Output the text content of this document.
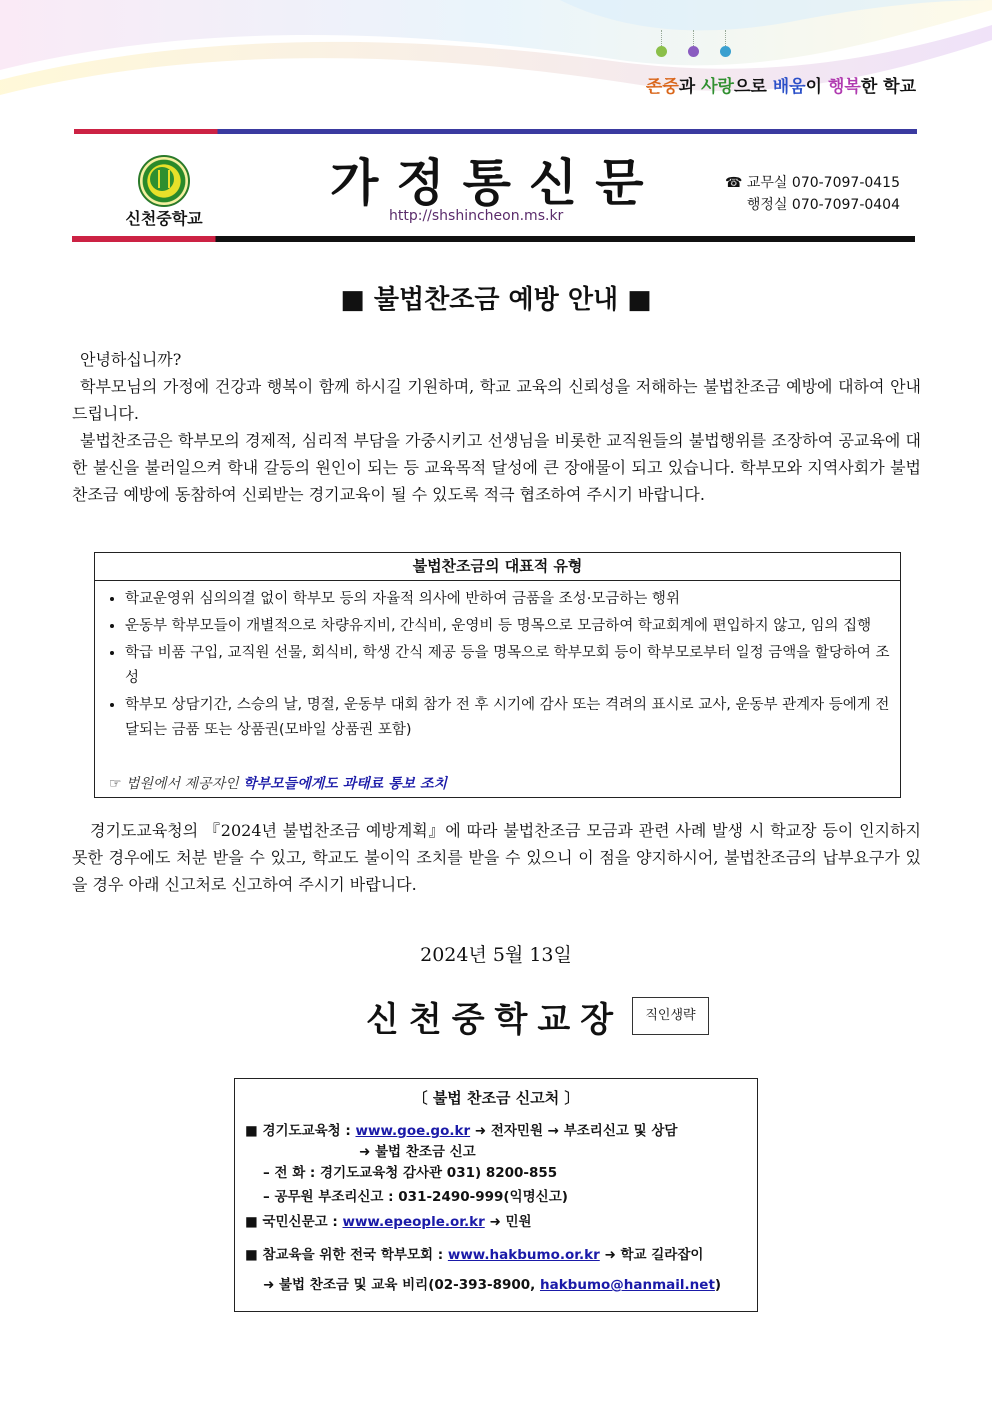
존중과 사랑으로 배움이 행복한 학교
신천중학교
가정통신문
http://shshincheon.ms.kr
☎ 교무실 070-7097-0415
행정실 070-7097-0404
■ 불법찬조금 예방 안내 ■

안녕하십니까?

학부모님의 가정에 건강과 행복이 함께 하시길 기원하며, 학교 교육의 신뢰성을 저해하는 불법찬조금 예방에 대하여 안내드립니다.

불법찬조금은 학부모의 경제적, 심리적 부담을 가중시키고 선생님을 비롯한 교직원들의 불법행위를 조장하여 공교육에 대한 불신을 불러일으켜 학내 갈등의 원인이 되는 등 교육목적 달성에 큰 장애물이 되고 있습니다. 학부모와 지역사회가 불법찬조금 예방에 동참하여 신뢰받는 경기교육이 될 수 있도록 적극 협조하여 주시기 바랍니다.

불법찬조금의 대표적 유형
• 학교운영위 심의의결 없이 학부모 등의 자율적 의사에 반하여 금품을 조성·모금하는 행위
• 운동부 학부모들이 개별적으로 차량유지비, 간식비, 운영비 등 명목으로 모금하여 학교회계에 편입하지 않고, 임의 집행
• 학급 비품 구입, 교직원 선물, 회식비, 학생 간식 제공 등을 명목으로 학부모회 등이 학부모로부터 일정 금액을 할당하여 조성
• 학부모 상담기간, 스승의 날, 명절, 운동부 대회 참가 전 후 시기에 감사 또는 격려의 표시로 교사, 운동부 관계자 등에게 전달되는 금품 또는 상품권(모바일 상품권 포함)
☞ 법원에서 제공자인 학부모들에게도 과태료 통보 조치

경기도교육청의 『2024년 불법찬조금 예방계획』에 따라 불법찬조금 모금과 관련 사례 발생 시 학교장 등이 인지하지 못한 경우에도 처분 받을 수 있고, 학교도 불이익 조치를 받을 수 있으니 이 점을 양지하시어, 불법찬조금의 납부요구가 있을 경우 아래 신고처로 신고하여 주시기 바랍니다.

2024년 5월 13일
신천중학교장	직인생략
〔 불법 찬조금 신고처 〕
■ 경기도교육청 : www.goe.go.kr ➜ 전자민원 → 부조리신고 및 상담
➜ 불법 찬조금 신고
– 전 화 : 경기도교육청 감사관 031) 8200-855
– 공무원 부조리신고 : 031-2490-999(익명신고)
■ 국민신문고 : www.epeople.or.kr ➜ 민원
■ 참교육을 위한 전국 학부모회 : www.hakbumo.or.kr ➜ 학교 길라잡이
➜ 불법 찬조금 및 교육 비리(02-393-8900, hakbumo@hanmail.net)
